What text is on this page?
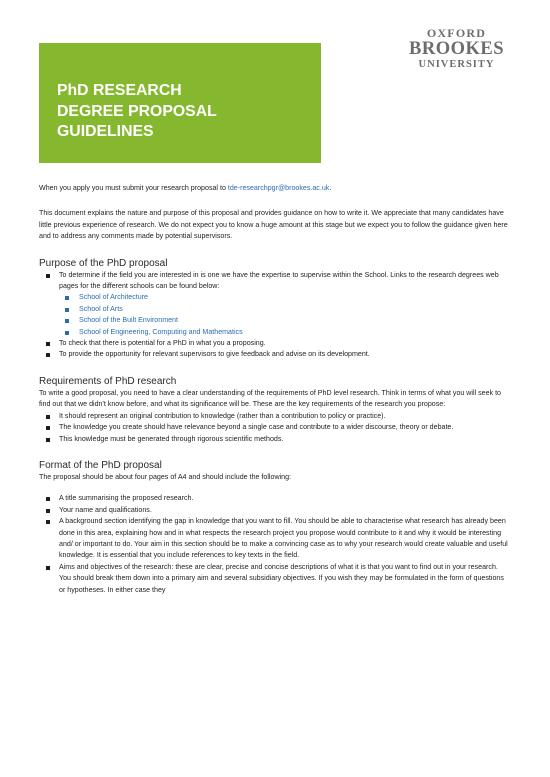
OXFORD
BROOKES
UNIVERSITY
PhD RESEARCH
DEGREE PROPOSAL
GUIDELINES

When you apply you must submit your research proposal to tde-researchpgr@brookes.ac.uk.

This document explains the nature and purpose of this proposal and provides guidance on how to write it. We appreciate that many candidates have little previous experience of research. We do not expect you to know a huge amount at this stage but we expect you to follow the guidance given here and to address any comments made by potential supervisors.

Purpose of the PhD proposal
To determine if the field you are interested in is one we have the expertise to supervise within the School. Links to the research degrees web pages for the different schools can be found below:
School of Architecture
School of Arts
School of the Built Environment
School of Engineering, Computing and Mathematics
To check that there is potential for a PhD in what you a proposing.
To provide the opportunity for relevant supervisors to give feedback and advise on its development.
Requirements of PhD research

To write a good proposal, you need to have a clear understanding of the requirements of PhD level research. Think in terms of what you will seek to find out that we didn't know before, and what its significance will be. These are the key requirements of the research you propose:

It should represent an original contribution to knowledge (rather than a contribution to policy or practice).
The knowledge you create should have relevance beyond a single case and contribute to a wider discourse, theory or debate.
This knowledge must be generated through rigorous scientific methods.
Format of the PhD proposal

The proposal should be about four pages of A4 and should include the following:

A title summarising the proposed research.
Your name and qualifications.
A background section identifying the gap in knowledge that you want to fill. You should be able to characterise what research has already been done in this area, explaining how and in what respects the research project you propose would contribute to it and why it would be interesting and/ or important to do. Your aim in this section should be to make a convincing case as to why your research would create valuable and useful knowledge. It is essential that you include references to key texts in the field.
Aims and objectives of the research: these are clear, precise and concise descriptions of what it is that you want to find out in your research. You should break them down into a primary aim and several subsidiary objectives. If you wish they may be formulated in the form of questions or hypotheses. In either case they
